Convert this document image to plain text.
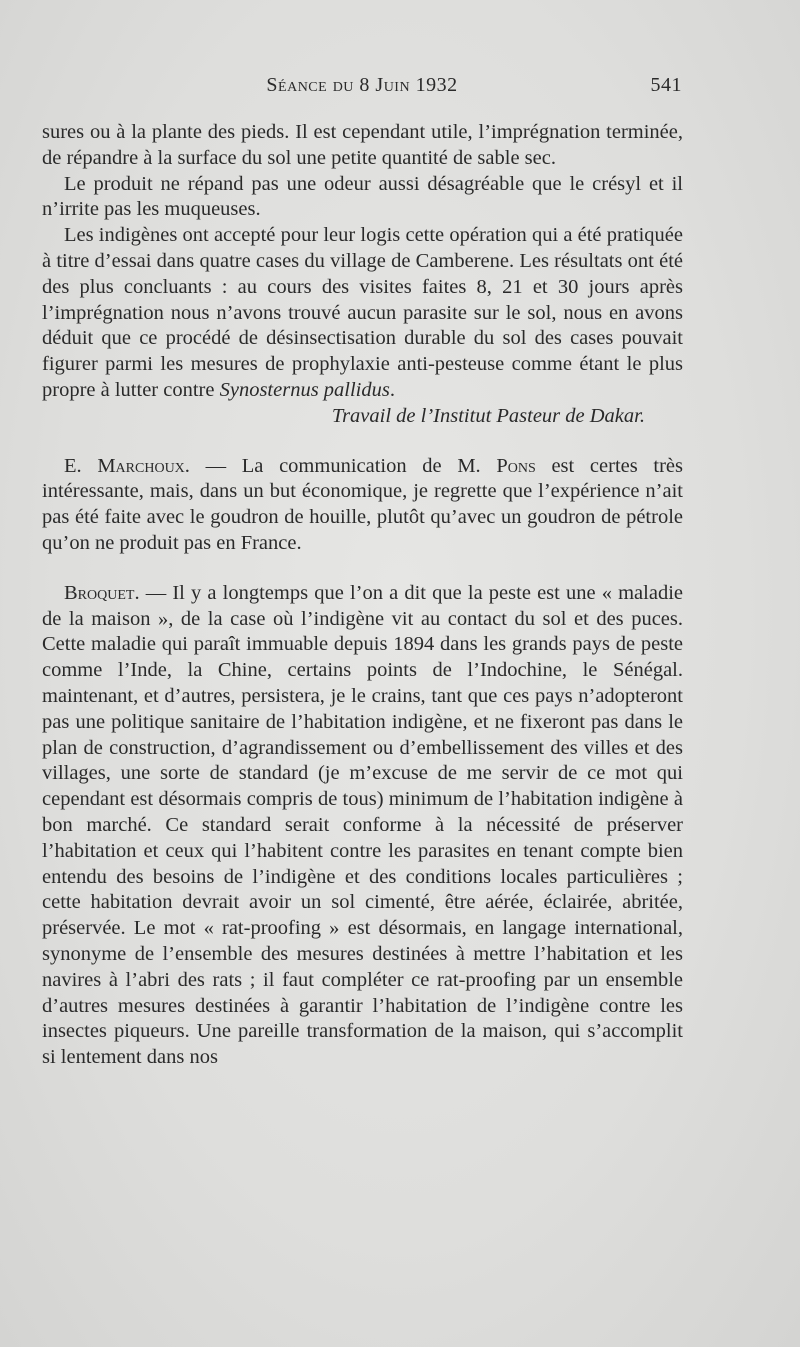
Séance du 8 Juin 1932	541

sures ou à la plante des pieds. Il est cependant utile, l’imprégnation terminée, de répandre à la surface du sol une petite quantité de sable sec.

Le produit ne répand pas une odeur aussi désagréable que le crésyl et il n’irrite pas les muqueuses.

Les indigènes ont accepté pour leur logis cette opération qui a été pratiquée à titre d’essai dans quatre cases du village de Camberene. Les résultats ont été des plus concluants : au cours des visites faites 8, 21 et 30 jours après l’imprégnation nous n’avons trouvé aucun parasite sur le sol, nous en avons déduit que ce procédé de désinsectisation durable du sol des cases pouvait figurer parmi les mesures de prophylaxie anti-pesteuse comme étant le plus propre à lutter contre Synosternus pallidus.

Travail de l’Institut Pasteur de Dakar.

E. Marchoux. — La communication de M. Pons est certes très intéressante, mais, dans un but économique, je regrette que l’expérience n’ait pas été faite avec le goudron de houille, plutôt qu’avec un goudron de pétrole qu’on ne produit pas en France.

Broquet. — Il y a longtemps que l’on a dit que la peste est une « maladie de la maison », de la case où l’indigène vit au contact du sol et des puces. Cette maladie qui paraît immuable depuis 1894 dans les grands pays de peste comme l’Inde, la Chine, certains points de l’Indochine, le Sénégal. maintenant, et d’autres, persistera, je le crains, tant que ces pays n’adopteront pas une politique sanitaire de l’habitation indigène, et ne fixeront pas dans le plan de construction, d’agrandissement ou d’embellissement des villes et des villages, une sorte de standard (je m’excuse de me servir de ce mot qui cependant est désormais compris de tous) minimum de l’habitation indigène à bon marché. Ce standard serait conforme à la nécessité de préserver l’habitation et ceux qui l’habitent contre les parasites en tenant compte bien entendu des besoins de l’indigène et des conditions locales particulières ; cette habitation devrait avoir un sol cimenté, être aérée, éclairée, abritée, préservée. Le mot « rat-proofing » est désormais, en langage international, synonyme de l’ensemble des mesures destinées à mettre l’habitation et les navires à l’abri des rats ; il faut compléter ce rat-proofing par un ensemble d’autres mesures destinées à garantir l’habitation de l’indigène contre les insectes piqueurs. Une pareille transformation de la maison, qui s’accomplit si lentement dans nos
